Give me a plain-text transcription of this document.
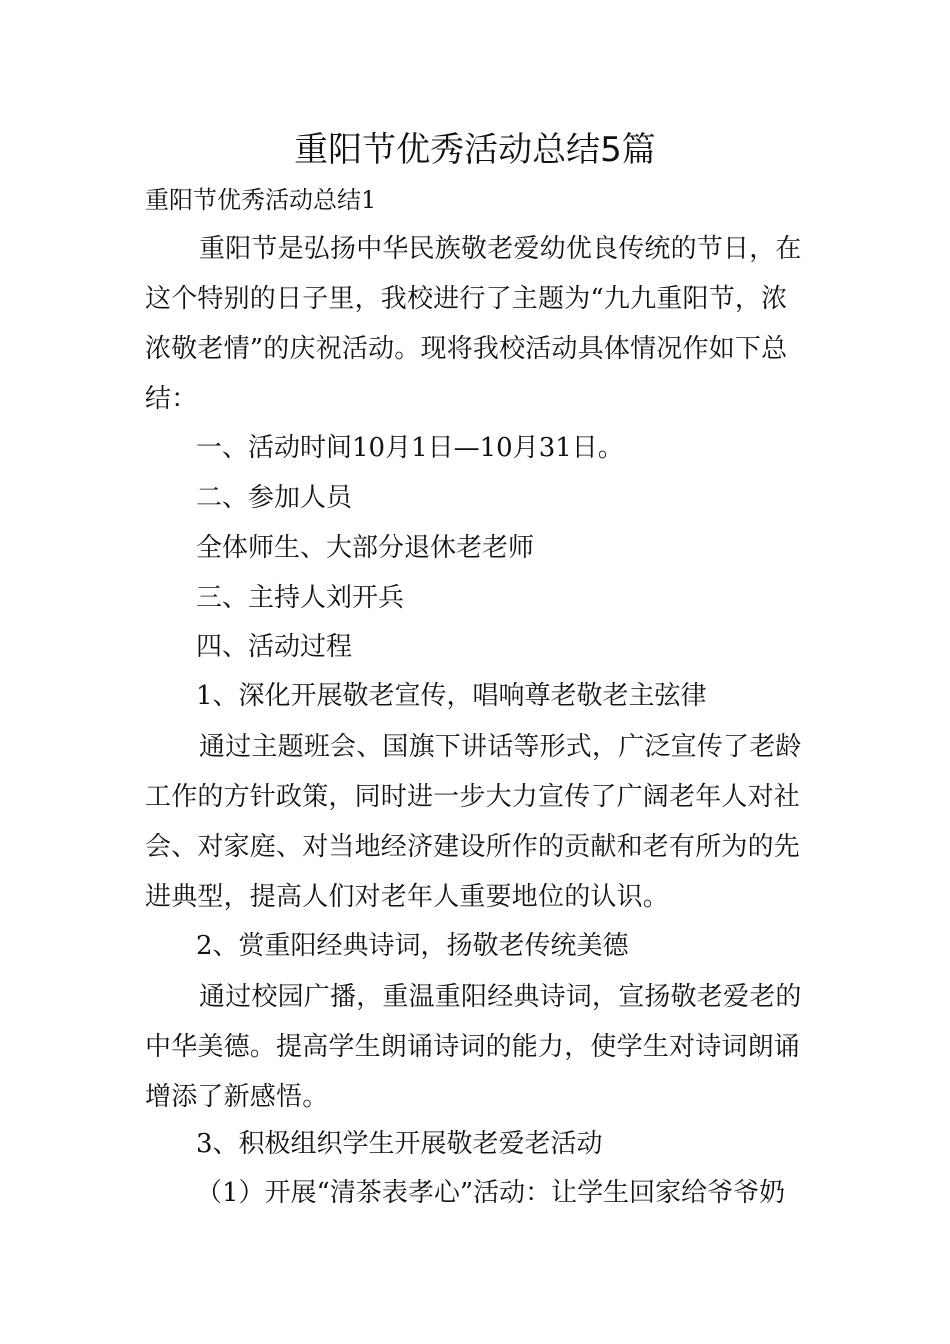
重阳节优秀活动总结5篇
重阳节优秀活动总结1

重阳节是弘扬中华民族敬老爱幼优良传统的节日，在这个特别的日子里，我校进行了主题为“九九重阳节，浓浓敬老情”的庆祝活动。现将我校活动具体情况作如下总结：

一、活动时间10月1日—10月31日。
二、参加人员
全体师生、大部分退休老老师
三、主持人刘开兵
四、活动过程
1、深化开展敬老宣传，唱响尊老敬老主弦律

通过主题班会、国旗下讲话等形式，广泛宣传了老龄工作的方针政策，同时进一步大力宣传了广阔老年人对社会、对家庭、对当地经济建设所作的贡献和老有所为的先进典型，提高人们对老年人重要地位的认识。

2、赏重阳经典诗词，扬敬老传统美德

通过校园广播，重温重阳经典诗词，宣扬敬老爱老的中华美德。提高学生朗诵诗词的能力，使学生对诗词朗诵增添了新感悟。

3、积极组织学生开展敬老爱老活动
（1）开展“清茶表孝心”活动：让学生回家给爷爷奶
